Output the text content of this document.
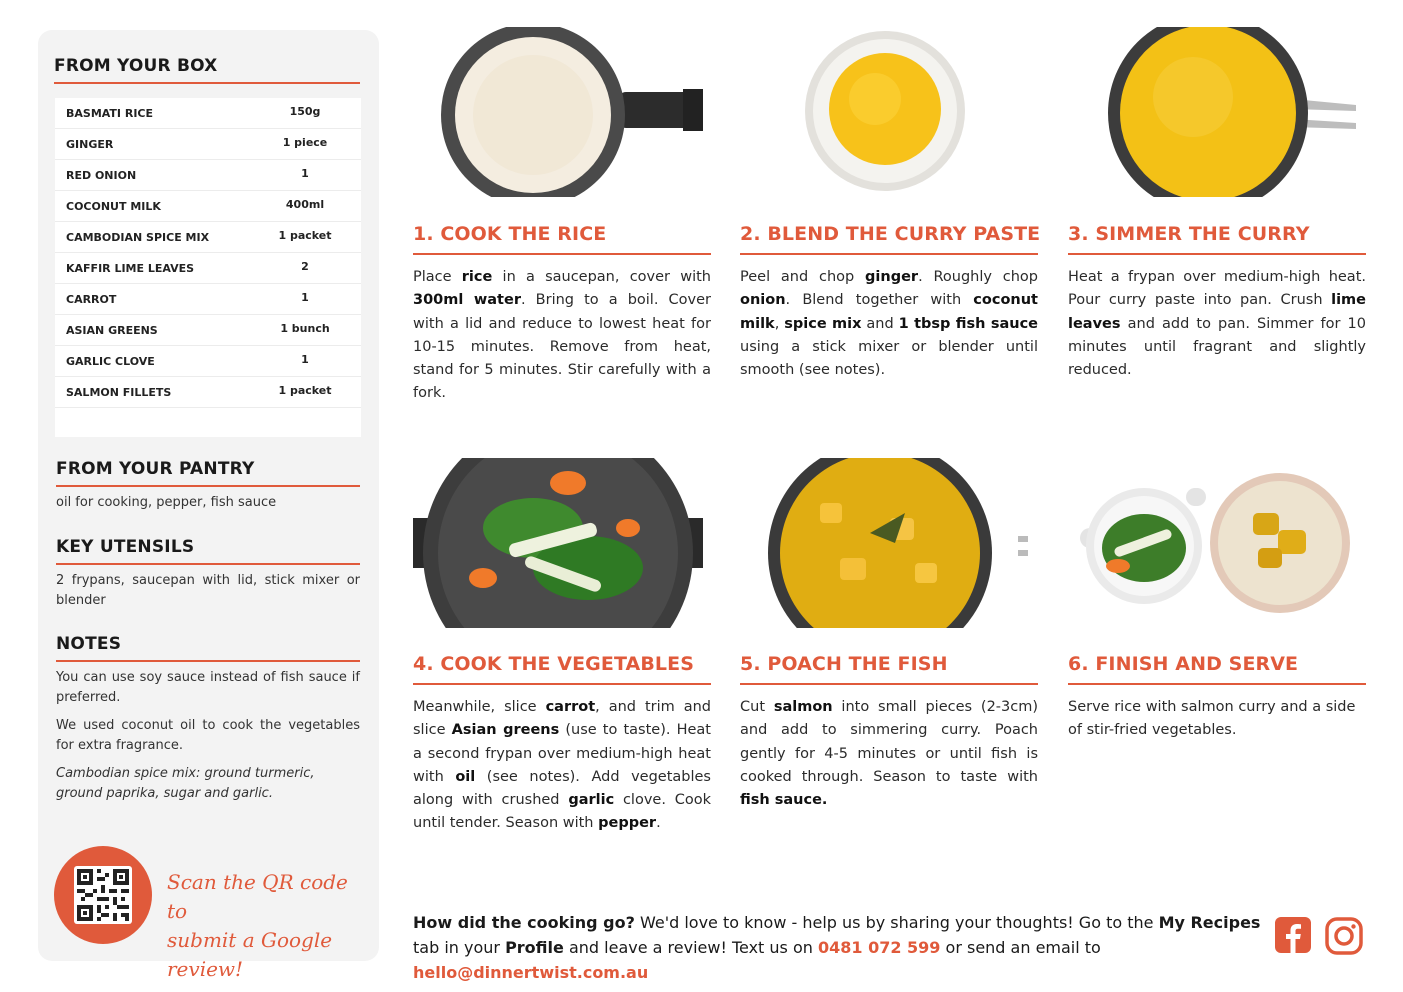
FROM YOUR BOX
BASMATI RICE	150g
GINGER	1 piece
RED ONION	1
COCONUT MILK	400ml
CAMBODIAN SPICE MIX	1 packet
KAFFIR LIME LEAVES	2
CARROT	1
ASIAN GREENS	1 bunch
GARLIC CLOVE	1
SALMON FILLETS	1 packet
FROM YOUR PANTRY
oil for cooking, pepper, fish sauce
KEY UTENSILS
2 frypans, saucepan with lid, stick mixer or blender
NOTES
You can use soy sauce instead of fish sauce if preferred.
We used coconut oil to cook the vegetables for extra fragrance.
Cambodian spice mix: ground turmeric, ground paprika, sugar and garlic.
Scan the QR code to
submit a Google review!
1. COOK THE RICE
Place rice in a saucepan, cover with 300ml water. Bring to a boil. Cover with a lid and reduce to lowest heat for 10-15 minutes. Remove from heat, stand for 5 minutes. Stir carefully with a fork.
2. BLEND THE CURRY PASTE
Peel and chop ginger. Roughly chop onion. Blend together with coconut milk, spice mix and 1 tbsp fish sauce using a stick mixer or blender until smooth (see notes).
3. SIMMER THE CURRY
Heat a frypan over medium-high heat. Pour curry paste into pan. Crush lime leaves and add to pan. Simmer for 10 minutes until fragrant and slightly reduced.
4. COOK THE VEGETABLES
Meanwhile, slice carrot, and trim and slice Asian greens (use to taste). Heat a second frypan over medium-high heat with oil (see notes). Add vegetables along with crushed garlic clove. Cook until tender. Season with pepper.
5. POACH THE FISH
Cut salmon into small pieces (2-3cm) and add to simmering curry. Poach gently for 4-5 minutes or until fish is cooked through. Season to taste with fish sauce.
6. FINISH AND SERVE
Serve rice with salmon curry and a side of stir-fried vegetables.
How did the cooking go? We'd love to know - help us by sharing your thoughts! Go to the My Recipes tab in your Profile and leave a review! Text us on 0481 072 599 or send an email to hello@dinnertwist.com.au
